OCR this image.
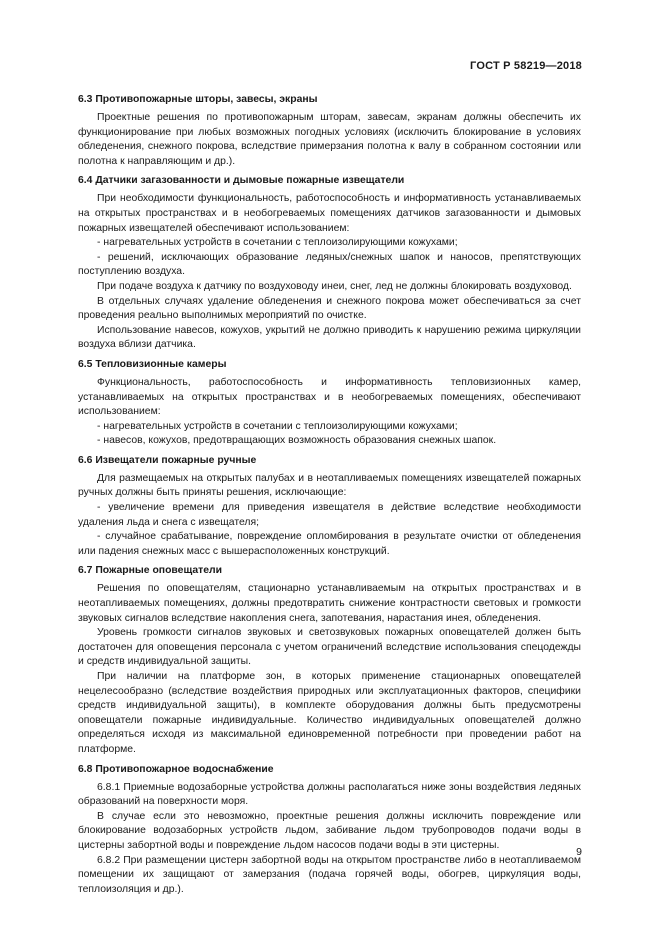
ГОСТ Р 58219—2018
6.3 Противопожарные шторы, завесы, экраны

Проектные решения по противопожарным шторам, завесам, экранам должны обеспечить их функционирование при любых возможных погодных условиях (исключить блокирование в условиях обледенения, снежного покрова, вследствие примерзания полотна к валу в собранном состоянии или полотна к направляющим и др.).

6.4 Датчики загазованности и дымовые пожарные извещатели

При необходимости функциональность, работоспособность и информативность устанавливаемых на открытых пространствах и в необогреваемых помещениях датчиков загазованности и дымовых пожарных извещателей обеспечивают использованием:

- нагревательных устройств в сочетании с теплоизолирующими кожухами;

- решений, исключающих образование ледяных/снежных шапок и наносов, препятствующих поступлению воздуха.

При подаче воздуха к датчику по воздуховоду инеи, снег, лед не должны блокировать воздуховод.

В отдельных случаях удаление обледенения и снежного покрова может обеспечиваться за счет проведения реально выполнимых мероприятий по очистке.

Использование навесов, кожухов, укрытий не должно приводить к нарушению режима циркуляции воздуха вблизи датчика.

6.5 Тепловизионные камеры

Функциональность, работоспособность и информативность тепловизионных камер, устанавливаемых на открытых пространствах и в необогреваемых помещениях, обеспечивают использованием:

- нагревательных устройств в сочетании с теплоизолирующими кожухами;

- навесов, кожухов, предотвращающих возможность образования снежных шапок.

6.6 Извещатели пожарные ручные

Для размещаемых на открытых палубах и в неотапливаемых помещениях извещателей пожарных ручных должны быть приняты решения, исключающие:

- увеличение времени для приведения извещателя в действие вследствие необходимости удаления льда и снега с извещателя;

- случайное срабатывание, повреждение опломбирования в результате очистки от обледенения или падения снежных масс с вышерасположенных конструкций.

6.7 Пожарные оповещатели

Решения по оповещателям, стационарно устанавливаемым на открытых пространствах и в неотапливаемых помещениях, должны предотвратить снижение контрастности световых и громкости звуковых сигналов вследствие накопления снега, запотевания, нарастания инея, обледенения.

Уровень громкости сигналов звуковых и светозвуковых пожарных оповещателей должен быть достаточен для оповещения персонала с учетом ограничений вследствие использования спецодежды и средств индивидуальной защиты.

При наличии на платформе зон, в которых применение стационарных оповещателей нецелесообразно (вследствие воздействия природных или эксплуатационных факторов, специфики средств индивидуальной защиты), в комплекте оборудования должны быть предусмотрены оповещатели пожарные индивидуальные. Количество индивидуальных оповещателей должно определяться исходя из максимальной единовременной потребности при проведении работ на платформе.

6.8 Противопожарное водоснабжение

6.8.1 Приемные водозаборные устройства должны располагаться ниже зоны воздействия ледяных образований на поверхности моря.

В случае если это невозможно, проектные решения должны исключить повреждение или блокирование водозаборных устройств льдом, забивание льдом трубопроводов подачи воды в цистерны забортной воды и повреждение льдом насосов подачи воды в эти цистерны.

6.8.2 При размещении цистерн забортной воды на открытом пространстве либо в неотапливаемом помещении их защищают от замерзания (подача горячей воды, обогрев, циркуляция воды, теплоизоляция и др.).

9
